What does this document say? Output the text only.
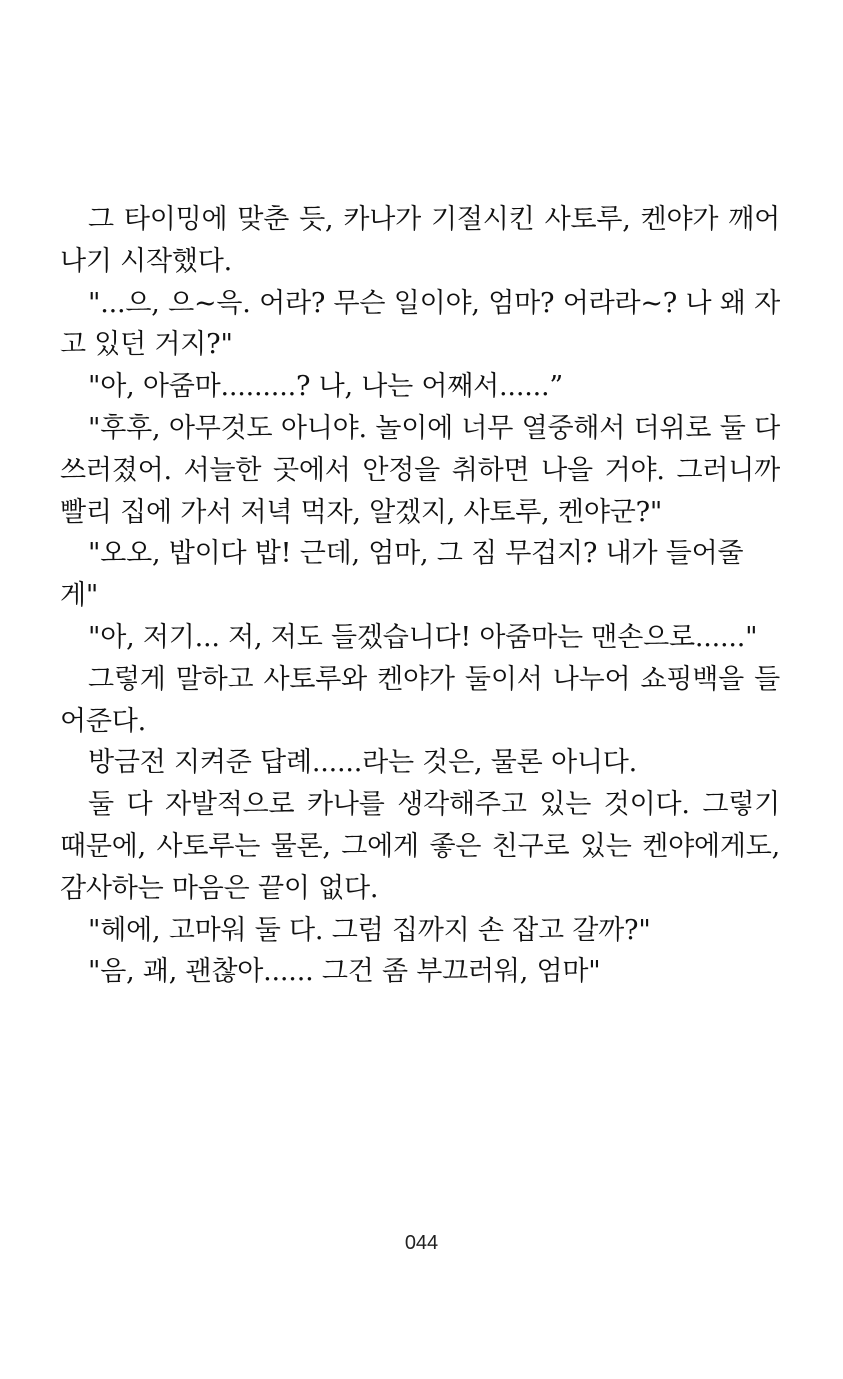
그 타이밍에 맞춘 듯, 카나가 기절시킨 사토루, 켄야가 깨어나기 시작했다.

"...으, 으~윽. 어라? 무슨 일이야, 엄마? 어라라~? 나 왜 자고 있던 거지?"

"아, 아줌마.........? 나, 나는 어째서......”

"후후, 아무것도 아니야. 놀이에 너무 열중해서 더위로 둘 다 쓰러졌어. 서늘한 곳에서 안정을 취하면 나을 거야. 그러니까 빨리 집에 가서 저녁 먹자, 알겠지, 사토루, 켄야군?"

"오오, 밥이다 밥! 근데, 엄마, 그 짐 무겁지? 내가 들어줄게"

"아, 저기... 저, 저도 들겠습니다! 아줌마는 맨손으로......"

그렇게 말하고 사토루와 켄야가 둘이서 나누어 쇼핑백을 들어준다.

방금전 지켜준 답례......라는 것은, 물론 아니다.

둘 다 자발적으로 카나를 생각해주고 있는 것이다. 그렇기 때문에, 사토루는 물론, 그에게 좋은 친구로 있는 켄야에게도, 감사하는 마음은 끝이 없다.

"헤에, 고마워 둘 다. 그럼 집까지 손 잡고 갈까?"

"음, 괘, 괜찮아...... 그건 좀 부끄러워, 엄마"

044
